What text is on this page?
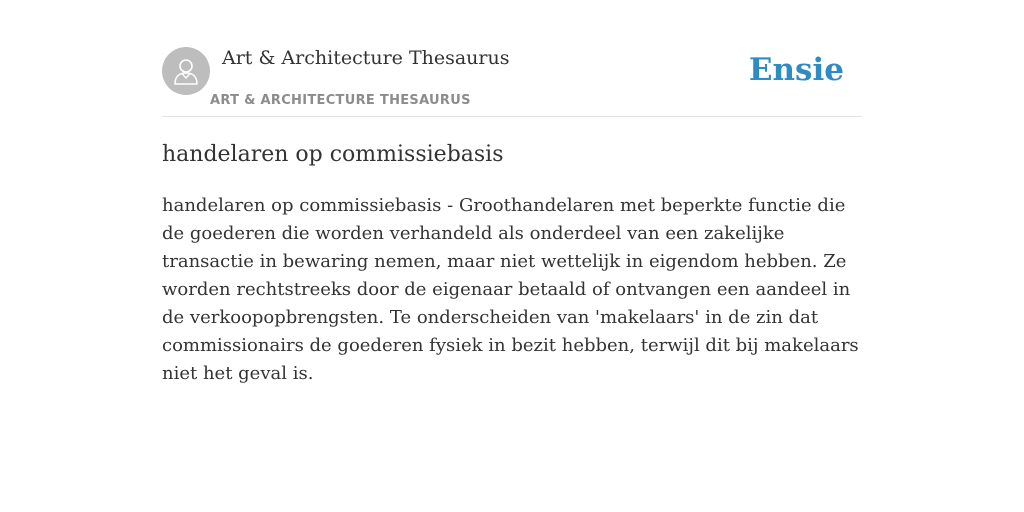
Art & Architecture Thesaurus
ART & ARCHITECTURE THESAURUS
Ensie
handelaren op commissiebasis

handelaren op commissiebasis - Groothandelaren met beperkte functie die de goederen die worden verhandeld als onderdeel van een zakelijke transactie in bewaring nemen, maar niet wettelijk in eigendom hebben. Ze worden rechtstreeks door de eigenaar betaald of ontvangen een aandeel in de verkoopopbrengsten. Te onderscheiden van 'makelaars' in de zin dat commissionairs de goederen fysiek in bezit hebben, terwijl dit bij makelaars niet het geval is.
